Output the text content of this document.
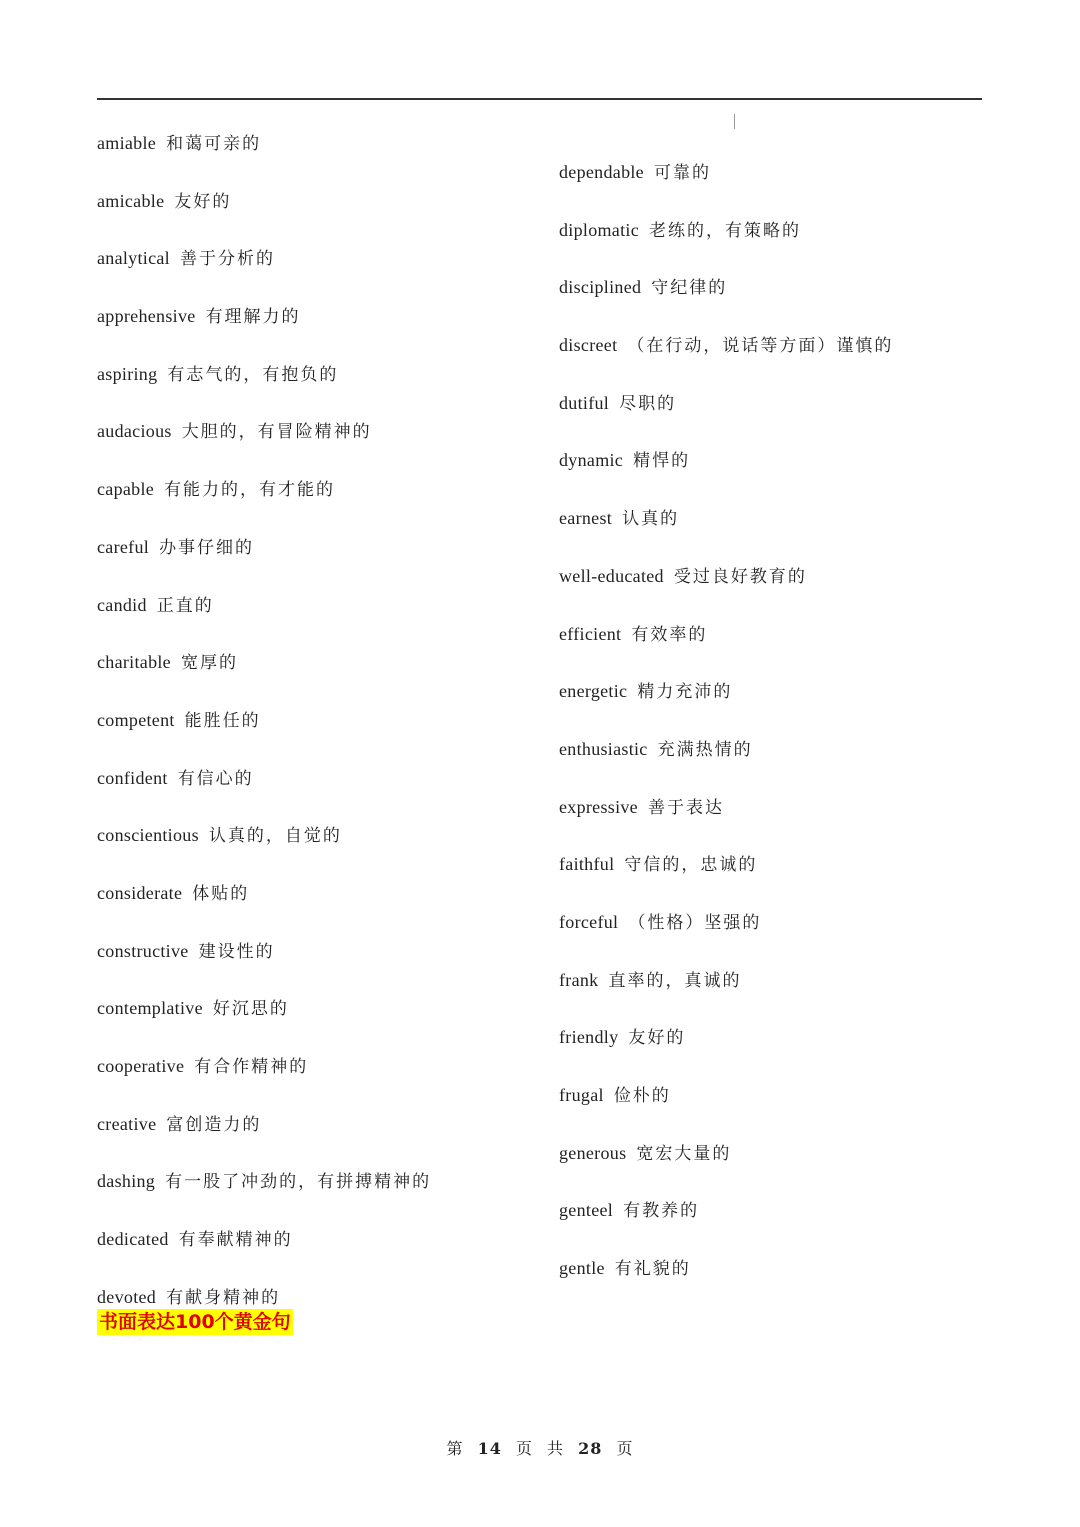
amiable 和蔼可亲的
amicable 友好的
analytical 善于分析的
apprehensive 有理解力的
aspiring 有志气的，有抱负的
audacious 大胆的，有冒险精神的
capable 有能力的，有才能的
careful 办事仔细的
candid 正直的
charitable 宽厚的
competent 能胜任的
confident 有信心的
conscientious 认真的，自觉的
considerate 体贴的
constructive 建设性的
contemplative 好沉思的
cooperative 有合作精神的
creative 富创造力的
dashing 有一股了冲劲的，有拼搏精神的
dedicated 有奉献精神的
devoted 有献身精神的
dependable 可靠的
diplomatic 老练的，有策略的
disciplined 守纪律的
discreet （在行动，说话等方面）谨慎的
dutiful 尽职的
dynamic 精悍的
earnest 认真的
well-educated 受过良好教育的
efficient 有效率的
energetic 精力充沛的
enthusiastic 充满热情的
expressive 善于表达
faithful 守信的，忠诚的
forceful （性格）坚强的
frank 直率的，真诚的
friendly 友好的
frugal 俭朴的
generous 宽宏大量的
genteel 有教养的
gentle 有礼貌的
书面表达100个黄金句
第 14 页 共 28 页
